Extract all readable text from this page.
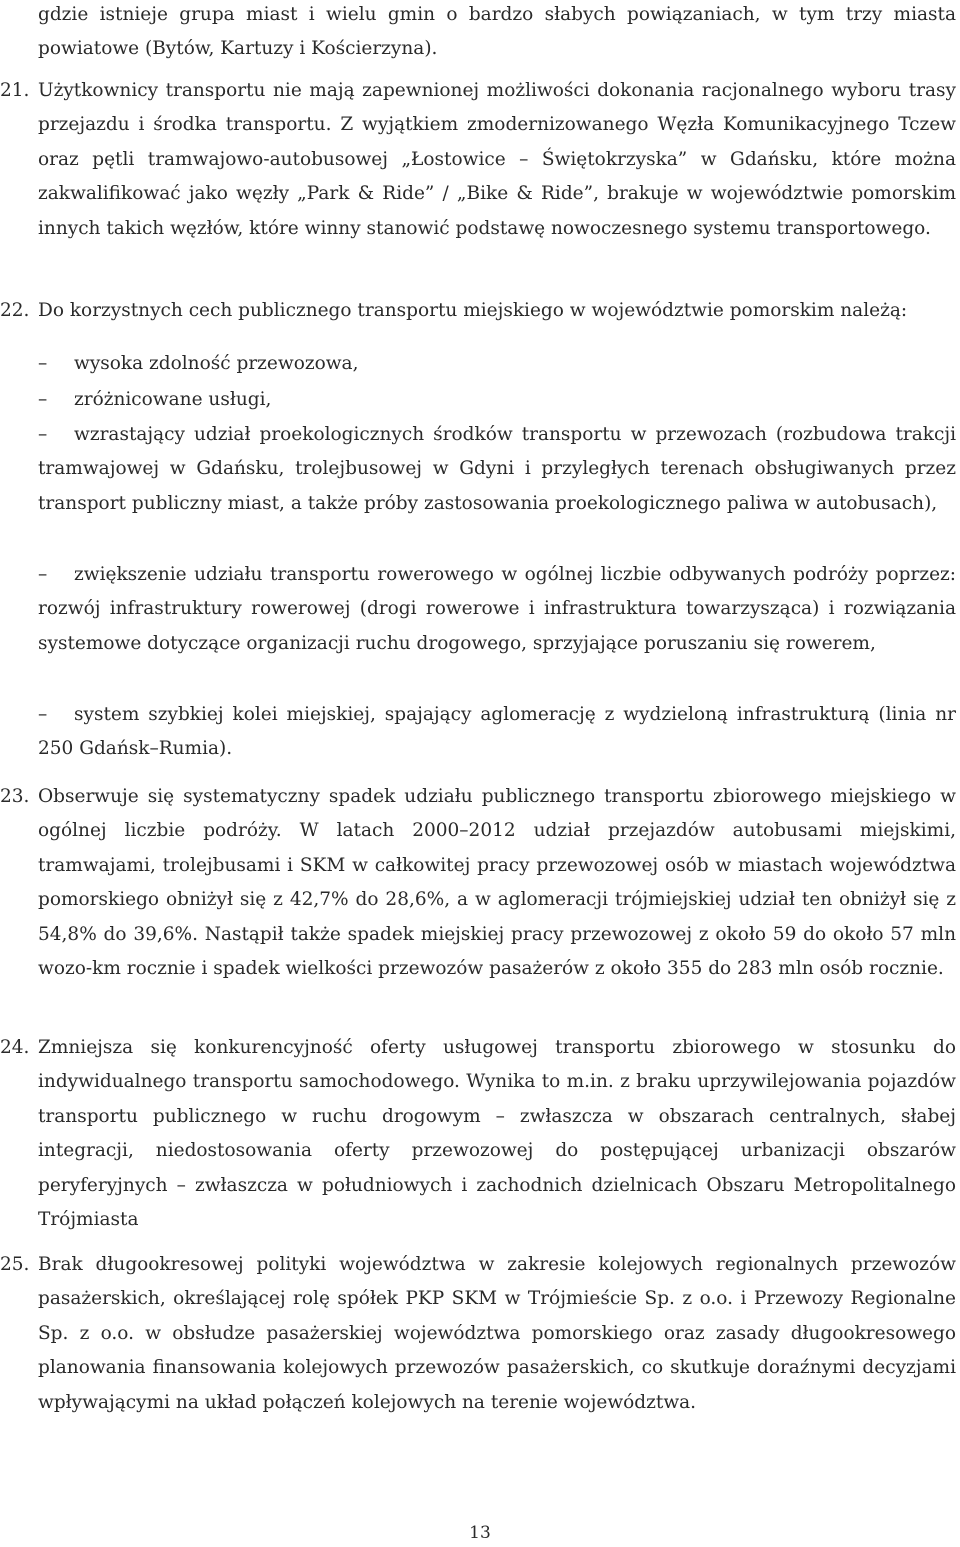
gdzie istnieje grupa miast i wielu gmin o bardzo słabych powiązaniach, w tym trzy miasta powiatowe (Bytów, Kartuzy i Kościerzyna).

21. Użytkownicy transportu nie mają zapewnionej możliwości dokonania racjonalnego wyboru trasy przejazdu i środka transportu. Z wyjątkiem zmodernizowanego Węzła Komunikacyjnego Tczew oraz pętli tramwajowo-autobusowej „Łostowice – Świętokrzyska” w Gdańsku, które można zakwalifikować jako węzły „Park & Ride” / „Bike & Ride”, brakuje w województwie pomorskim innych takich węzłów, które winny stanowić podstawę nowoczesnego systemu transportowego.
22. Do korzystnych cech publicznego transportu miejskiego w województwie pomorskim należą:
– wysoka zdolność przewozowa,
– zróżnicowane usługi,
– wzrastający udział proekologicznych środków transportu w przewozach (rozbudowa trakcji tramwajowej w Gdańsku, trolejbusowej w Gdyni i przyległych terenach obsługiwanych przez transport publiczny miast, a także próby zastosowania proekologicznego paliwa w autobusach),
– zwiększenie udziału transportu rowerowego w ogólnej liczbie odbywanych podróży poprzez: rozwój infrastruktury rowerowej (drogi rowerowe i infrastruktura towarzysząca) i rozwiązania systemowe dotyczące organizacji ruchu drogowego, sprzyjające poruszaniu się rowerem,
– system szybkiej kolei miejskiej, spajający aglomerację z wydzieloną infrastrukturą (linia nr 250 Gdańsk–Rumia).
23. Obserwuje się systematyczny spadek udziału publicznego transportu zbiorowego miejskiego w ogólnej liczbie podróży. W latach 2000–2012 udział przejazdów autobusami miejskimi, tramwajami, trolejbusami i SKM w całkowitej pracy przewozowej osób w miastach województwa pomorskiego obniżył się z 42,7% do 28,6%, a w aglomeracji trójmiejskiej udział ten obniżył się z 54,8% do 39,6%. Nastąpił także spadek miejskiej pracy przewozowej z około 59 do około 57 mln wozo-km rocznie i spadek wielkości przewozów pasażerów z około 355 do 283 mln osób rocznie.
24. Zmniejsza się konkurencyjność oferty usługowej transportu zbiorowego w stosunku do indywidualnego transportu samochodowego. Wynika to m.in. z braku uprzywilejowania pojazdów transportu publicznego w ruchu drogowym – zwłaszcza w obszarach centralnych, słabej integracji, niedostosowania oferty przewozowej do postępującej urbanizacji obszarów peryferyjnych – zwłaszcza w południowych i zachodnich dzielnicach Obszaru Metropolitalnego Trójmiasta
25. Brak długookresowej polityki województwa w zakresie kolejowych regionalnych przewozów pasażerskich, określającej rolę spółek PKP SKM w Trójmieście Sp. z o.o. i Przewozy Regionalne Sp. z o.o. w obsłudze pasażerskiej województwa pomorskiego oraz zasady długookresowego planowania finansowania kolejowych przewozów pasażerskich, co skutkuje doraźnymi decyzjami wpływającymi na układ połączeń kolejowych na terenie województwa.
13
